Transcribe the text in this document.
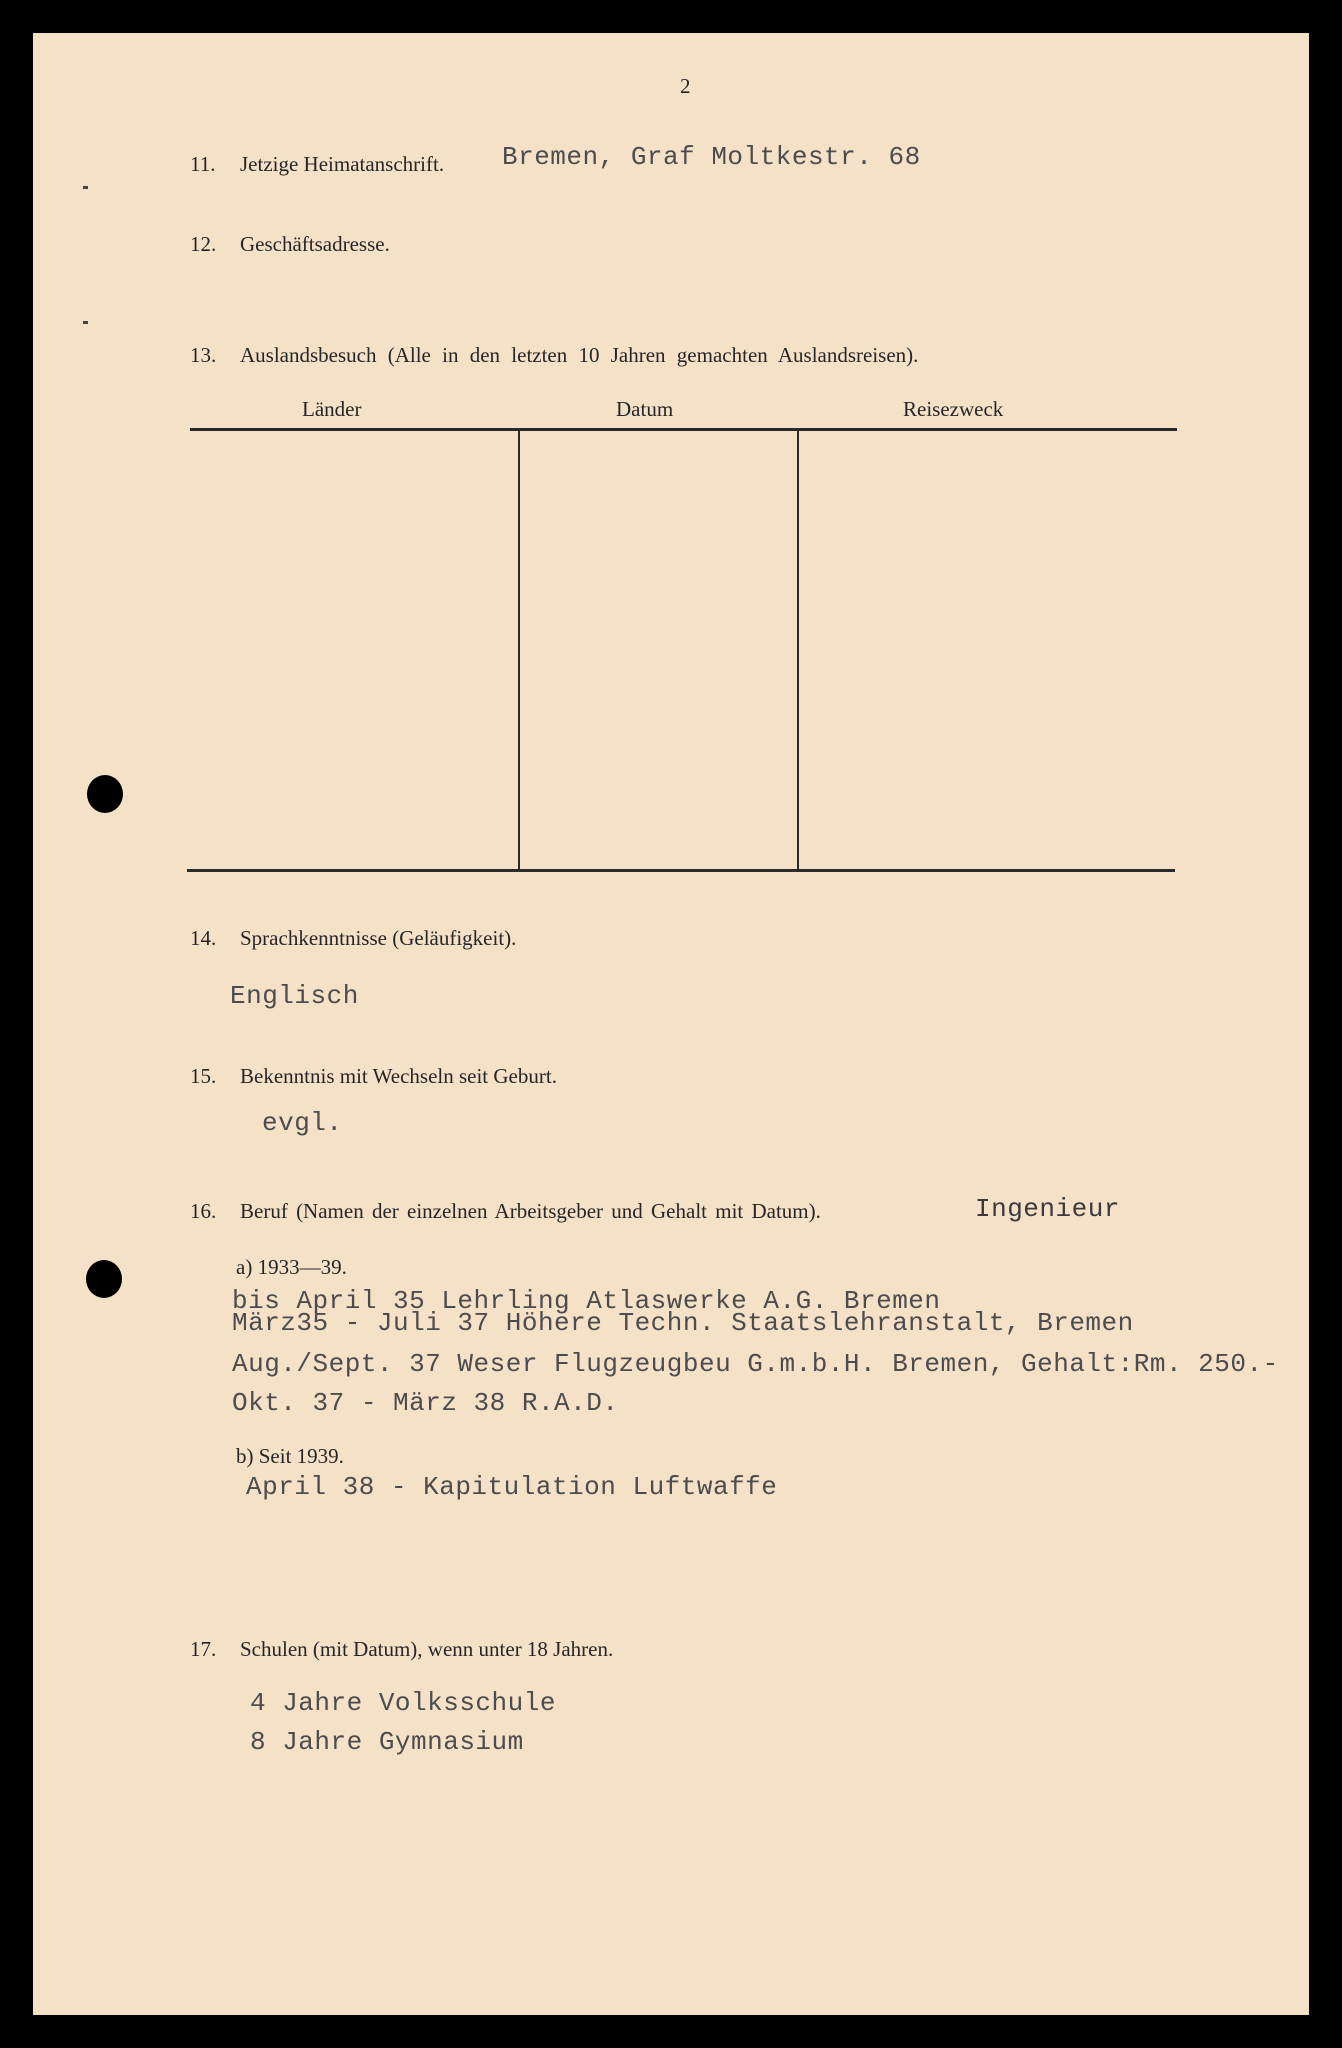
2
11. Jetzige Heimatanschrift. Bremen, Graf Moltkestr. 68
12. Geschäftsadresse.
13. Auslandsbesuch (Alle in den letzten 10 Jahren gemachten Auslandsreisen).
Länder	Datum	Reisezweck
14. Sprachkenntnisse (Geläufigkeit).
Englisch
15. Bekenntnis mit Wechseln seit Geburt.
evgl.
16. Beruf (Namen der einzelnen Arbeitsgeber und Gehalt mit Datum).	Ingenieur
a) 1933—39.
bis April 35 Lehrling Atlaswerke A.G. Bremen
März35 - Juli 37 Höhere Techn. Staatslehranstalt, Bremen
Aug./Sept. 37 Weser Flugzeugbeu G.m.b.H. Bremen, Gehalt:Rm. 250.-
Okt. 37 - März 38 R.A.D.
b) Seit 1939.
April 38 - Kapitulation Luftwaffe
17. Schulen (mit Datum), wenn unter 18 Jahren.
4 Jahre Volksschule
8 Jahre Gymnasium
